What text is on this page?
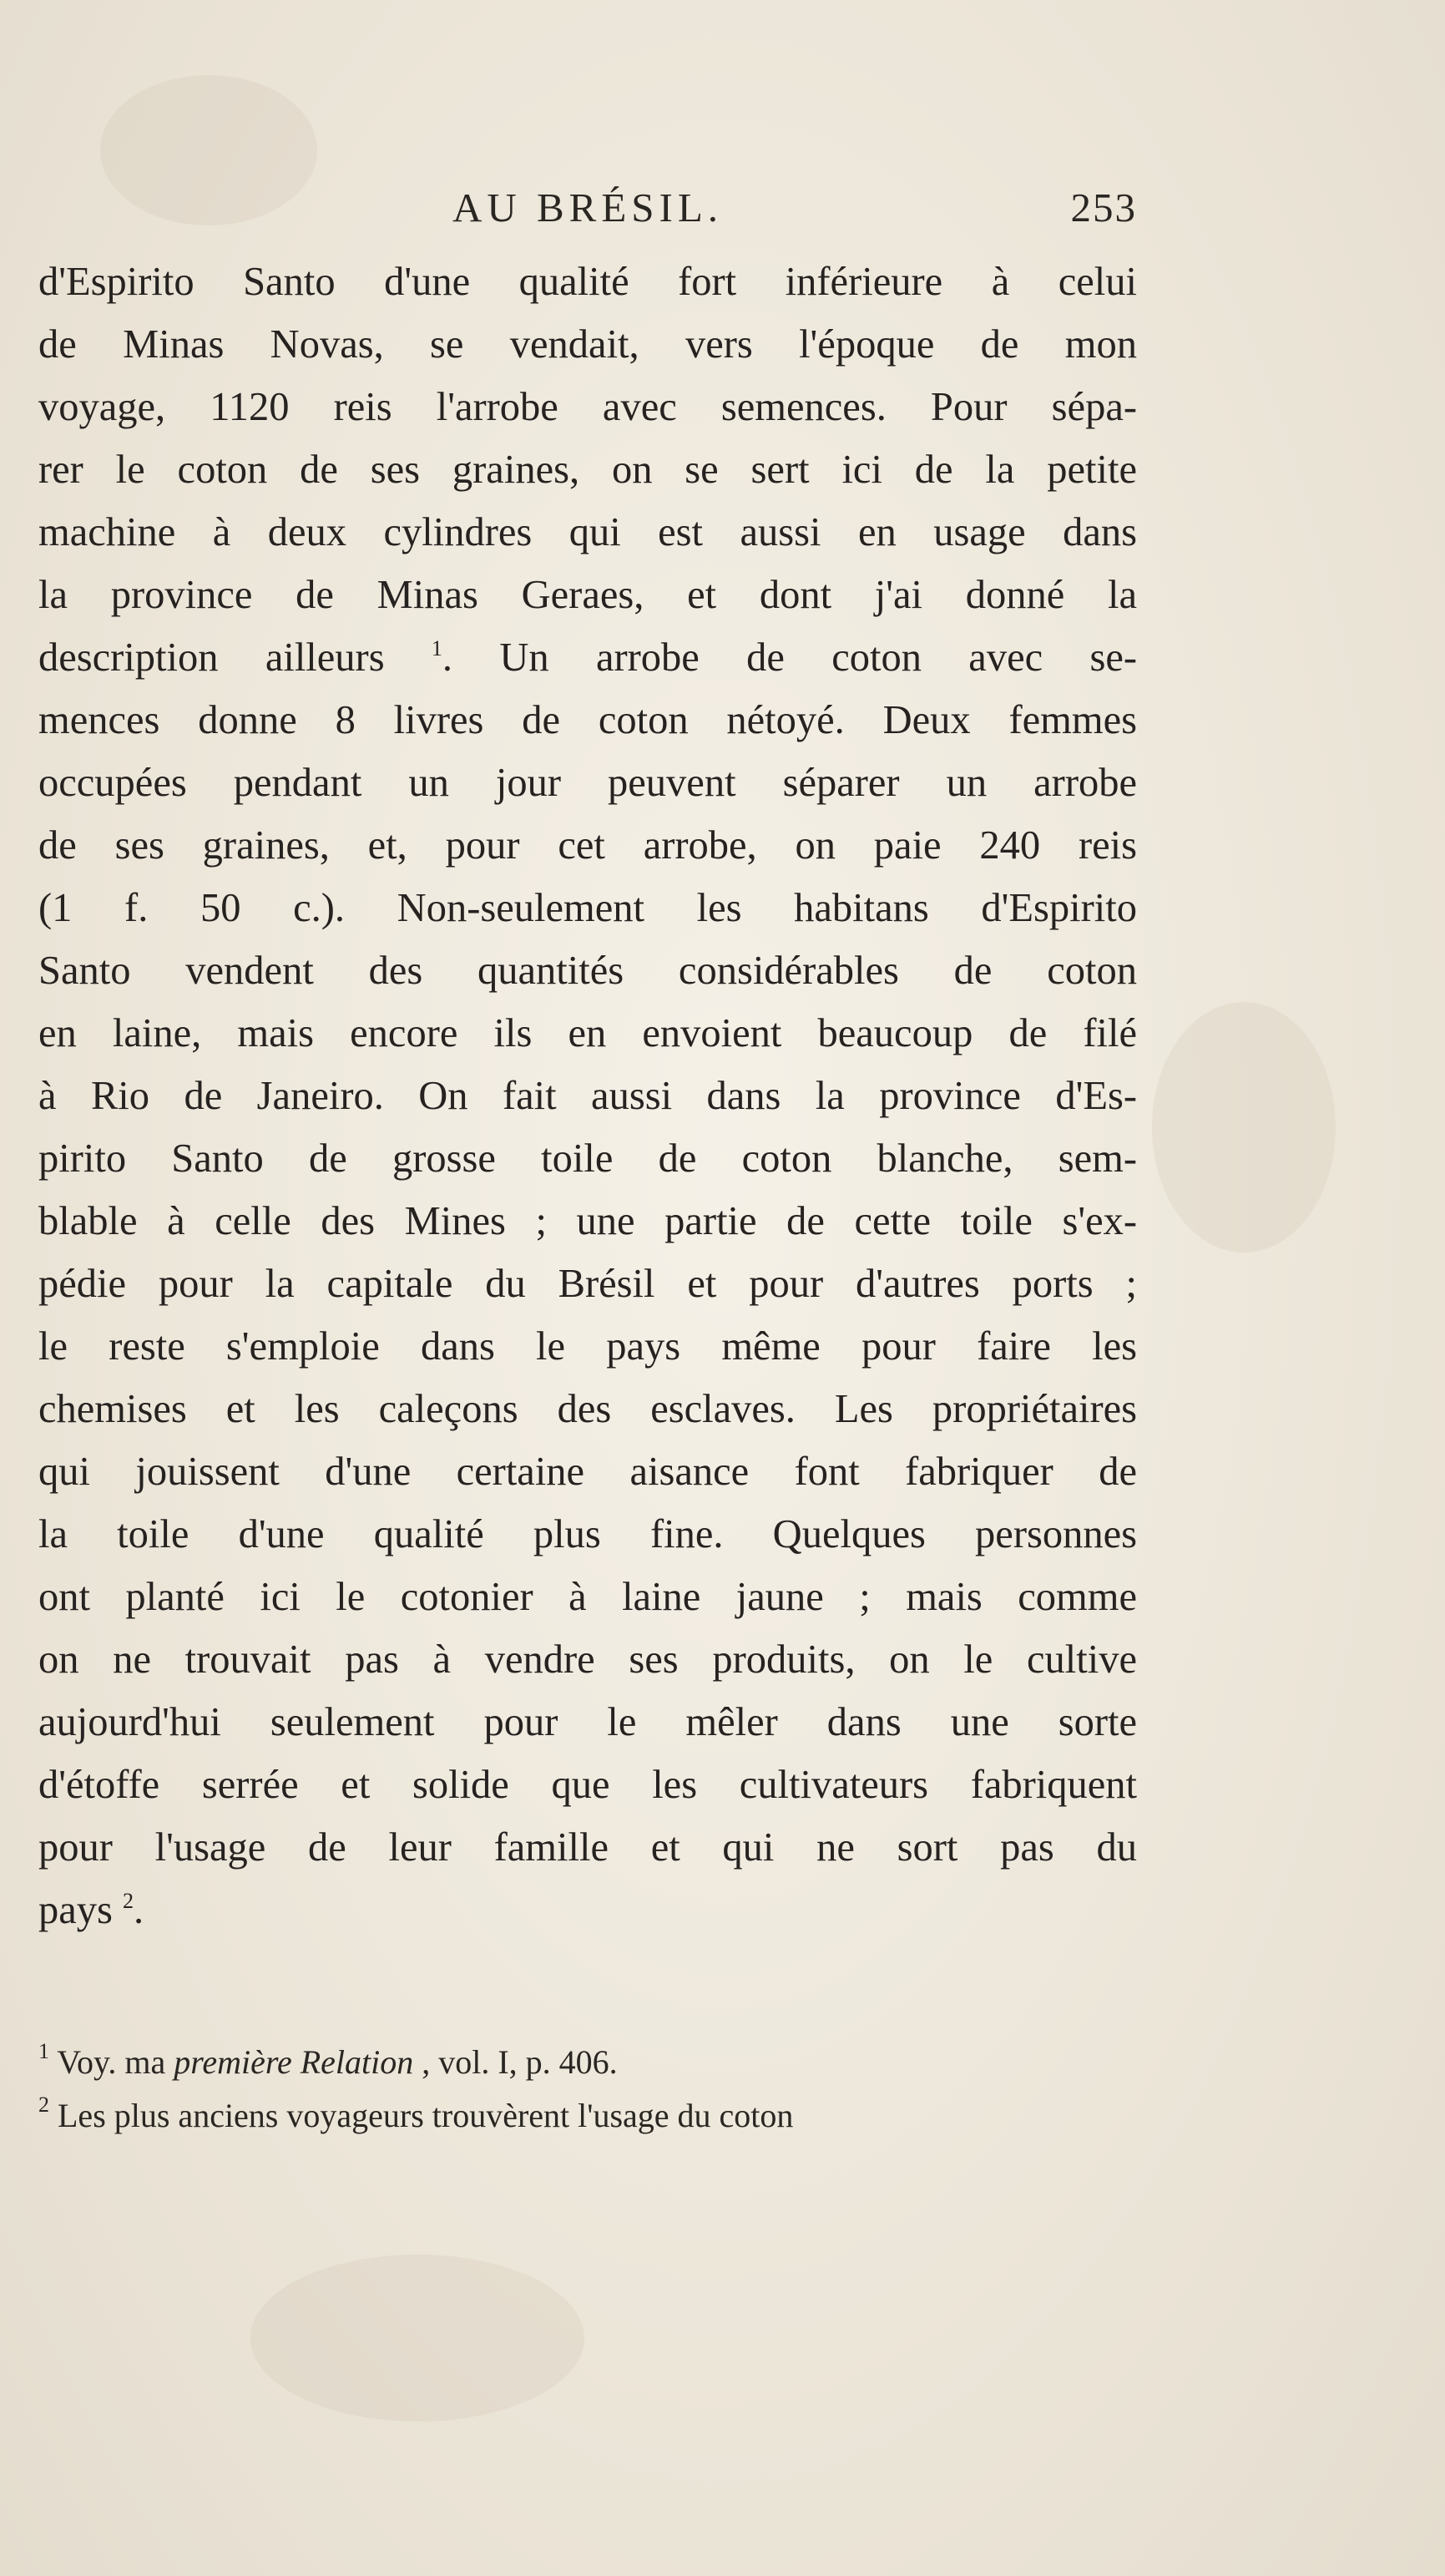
AU BRÉSIL.	253
d'Espirito Santo d'une qualité fort inférieure à celui
de Minas Novas, se vendait, vers l'époque de mon
voyage, 1120 reis l'arrobe avec semences. Pour sépa-
rer le coton de ses graines, on se sert ici de la petite
machine à deux cylindres qui est aussi en usage dans
la province de Minas Geraes, et dont j'ai donné la
description ailleurs $^1$. Un arrobe de coton avec se-
mences donne 8 livres de coton nétoyé. Deux femmes
occupées pendant un jour peuvent séparer un arrobe
de ses graines, et, pour cet arrobe, on paie 240 reis
(1 f. 50 c.). Non-seulement les habitans d'Espirito
Santo vendent des quantités considérables de coton
en laine, mais encore ils en envoient beaucoup de filé
à Rio de Janeiro. On fait aussi dans la province d'Es-
pirito Santo de grosse toile de coton blanche, sem-
blable à celle des Mines ; une partie de cette toile s'ex-
pédie pour la capitale du Brésil et pour d'autres ports ;
le reste s'emploie dans le pays même pour faire les
chemises et les caleçons des esclaves. Les propriétaires
qui jouissent d'une certaine aisance font fabriquer de
la toile d'une qualité plus fine. Quelques personnes
ont planté ici le cotonier à laine jaune ; mais comme
on ne trouvait pas à vendre ses produits, on le cultive
aujourd'hui seulement pour le mêler dans une sorte
d'étoffe serrée et solide que les cultivateurs fabriquent
pour l'usage de leur famille et qui ne sort pas du
pays $^2$.
$^1$ Voy. ma première Relation , vol. I, p. 406.
$^2$ Les plus anciens voyageurs trouvèrent l'usage du coton
